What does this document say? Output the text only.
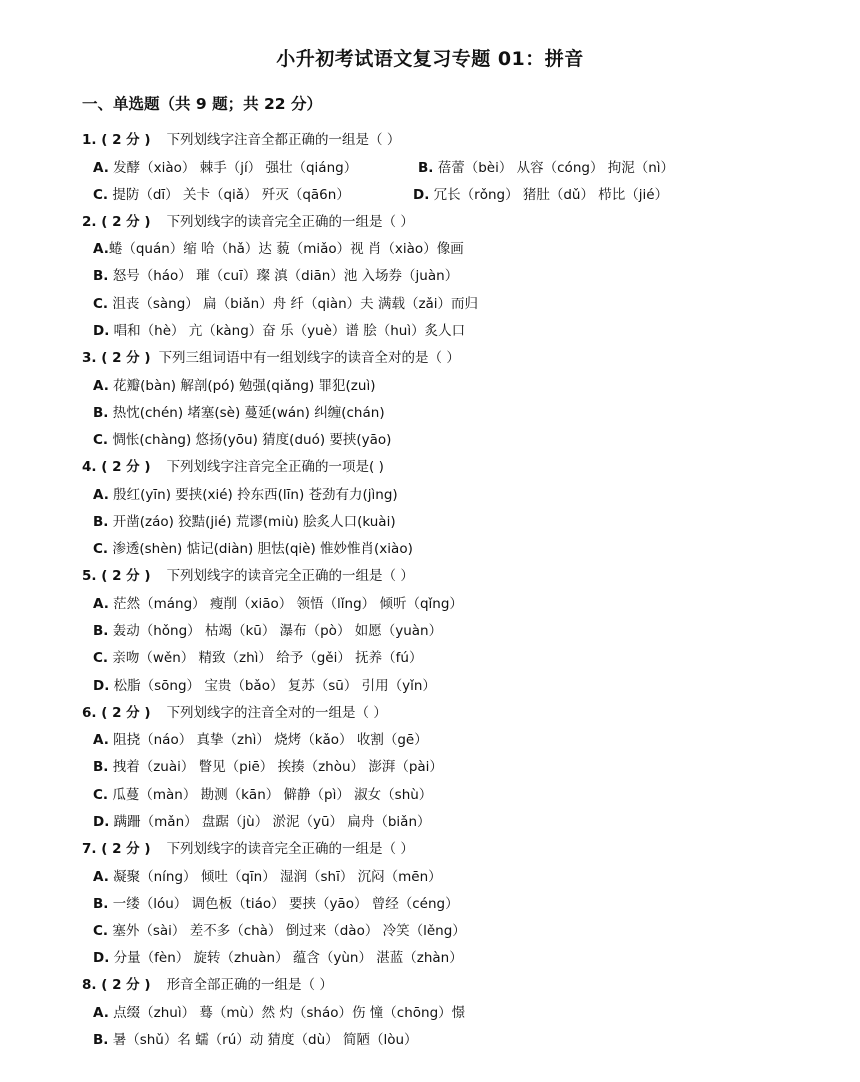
小升初考试语文复习专题 01：拼音
一、单选题（共 9 题；共 22 分）
1. ( 2 分 ) 下列划线字注音全都正确的一组是（ ）
A. 发酵（xiào） 棘手（jí） 强壮（qiáng）	B. 蓓蕾（bèi） 从容（cóng） 拘泥（nì）
C. 提防（dī） 关卡（qiǎ） 歼灭（qā6n）	D. 冗长（rǒng） 猪肚（dǔ） 栉比（jié）
2. ( 2 分 ) 下列划线字的读音完全正确的一组是（ ）
A.蜷（quán）缩 哈（hǎ）达 藐（miǎo）视 肖（xiào）像画
B. 怒号（háo） 璀（cuī）璨 滇（diān）池 入场券（juàn）
C. 沮丧（sàng） 扁（biǎn）舟 纤（qiàn）夫 满载（zǎi）而归
D. 唱和（hè） 亢（kàng）奋 乐（yuè）谱 脍（huì）炙人口
3. ( 2 分 ) 下列三组词语中有一组划线字的读音全对的是（ ）
A. 花瓣(bàn) 解剖(pó) 勉强(qiǎng) 罪犯(zuì)
B. 热忱(chén) 堵塞(sè) 蔓延(wán) 纠缠(chán)
C. 惆怅(chàng) 悠扬(yōu) 猜度(duó) 要挟(yāo)
4. ( 2 分 ) 下列划线字注音完全正确的一项是( )
A. 殷红(yīn) 要挟(xié) 拎东西(līn) 苍劲有力(jìng)
B. 开凿(záo) 狡黠(jié) 荒谬(miù) 脍炙人口(kuài)
C. 渗透(shèn) 惦记(diàn) 胆怯(qiè) 惟妙惟肖(xiào)
5. ( 2 分 ) 下列划线字的读音完全正确的一组是（ ）
A. 茫然（máng） 瘦削（xiāo） 领悟（lǐng） 倾听（qǐng）
B. 轰动（hǒng） 枯竭（kū） 瀑布（pò） 如愿（yuàn）
C. 亲吻（wěn） 精致（zhì） 给予（gěi） 抚养（fú）
D. 松脂（sōng） 宝贵（bǎo） 复苏（sū） 引用（yǐn）
6. ( 2 分 ) 下列划线字的注音全对的一组是（ ）
A. 阻挠（náo） 真挚（zhì） 烧烤（kǎo） 收割（gē）
B. 拽着（zuài） 瞥见（piē） 挨揍（zhòu） 澎湃（pài）
C. 瓜蔓（màn） 勘测（kān） 僻静（pì） 淑女（shù）
D. 蹒跚（mǎn） 盘踞（jù） 淤泥（yū） 扁舟（biǎn）
7. ( 2 分 ) 下列划线字的读音完全正确的一组是（ ）
A. 凝聚（níng） 倾吐（qīn） 湿润（shī） 沉闷（mēn）
B. 一缕（lóu） 调色板（tiáo） 要挟（yāo） 曾经（céng）
C. 塞外（sài） 差不多（chà） 倒过来（dào） 冷笑（lěng）
D. 分量（fèn） 旋转（zhuàn） 蕴含（yùn） 湛蓝（zhàn）
8. ( 2 分 ) 形音全部正确的一组是（ ）
A. 点缀（zhuì） 蓦（mù）然 灼（sháo）伤 憧（chōng）憬
B. 暑（shǔ）名 蠕（rú）动 猜度（dù） 简陋（lòu）
